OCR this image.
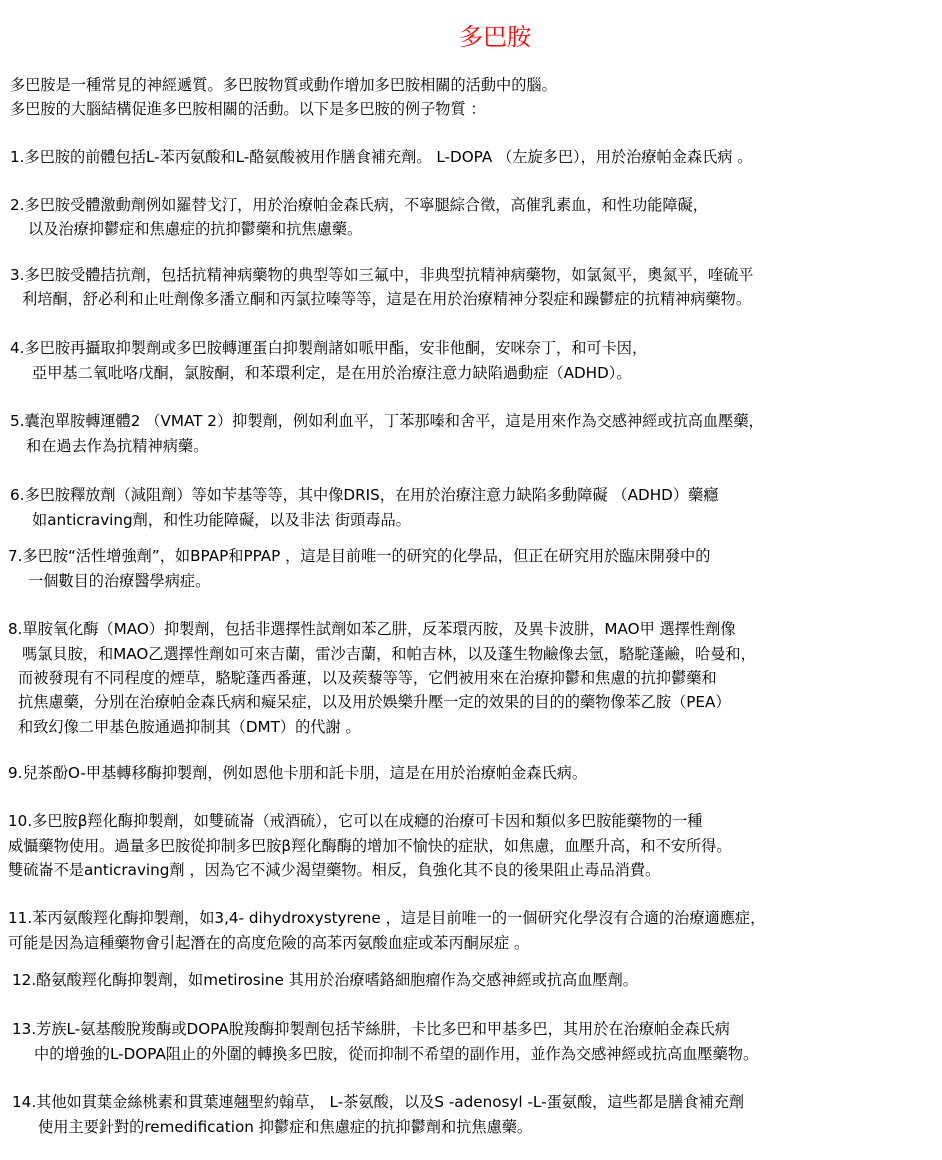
多巴胺
多巴胺是一種常見的神經遞質。多巴胺物質或動作增加多巴胺相關的活動中的腦。
多巴胺的大腦結構促進多巴胺相關的活動。以下是多巴胺的例子物質 ：
1.多巴胺的前體包括L-苯丙氨酸和L-酪氨酸被用作膳食補充劑。 L-DOPA （左旋多巴），用於治療帕金森氏病 。
2.多巴胺受體激動劑例如羅替戈汀，用於治療帕金森氏病，不寧腿綜合徵，高催乳素血，和性功能障礙，
以及治療抑鬱症和焦慮症的抗抑鬱藥和抗焦慮藥。
3.多巴胺受體拮抗劑，包括抗精神病藥物的典型等如三氟中，非典型抗精神病藥物，如氯氮平，奧氮平，喹硫平
利培酮，舒必利和止吐劑像多潘立酮和丙氯拉嗪等等，這是在用於治療精神分裂症和躁鬱症的抗精神病藥物。
4.多巴胺再攝取抑製劑或多巴胺轉運蛋白抑製劑諸如哌甲酯，安非他酮，安咪奈丁，和可卡因，
亞甲基二氧吡咯戊酮，氯胺酮，和苯環利定，是在用於治療注意力缺陷過動症（ADHD）。
5.囊泡單胺轉運體2 （VMAT 2）抑製劑，例如利血平，丁苯那嗪和舍平，這是用來作為交感神經或抗高血壓藥，
和在過去作為抗精神病藥。
6.多巴胺釋放劑（減阻劑）等如苄基等等，其中像DRIS，在用於治療注意力缺陷多動障礙 （ADHD）藥癮
如anticraving劑，和性功能障礙，以及非法 街頭毒品。
7.多巴胺“活性增強劑”，如BPAP和PPAP ，這是目前唯一的研究的化學品，但正在研究用於臨床開發中的
一個數目的治療醫學病症。
8.單胺氧化酶（MAO）抑製劑，包括非選擇性試劑如苯乙肼，反苯環丙胺，及異卡波肼，MAO甲 選擇性劑像
嗎氯貝胺，和MAO乙選擇性劑如可來吉蘭，雷沙吉蘭，和帕吉林，以及蓬生物鹼像去氫，駱駝蓬鹼，哈曼和，
而被發現有不同程度的煙草，駱駝蓬西番蓮，以及蒺藜等等，它們被用來在治療抑鬱和焦慮的抗抑鬱藥和
抗焦慮藥，分別在治療帕金森氏病和癡呆症，以及用於娛樂升壓一定的效果的目的的藥物像苯乙胺（PEA）
和致幻像二甲基色胺通過抑制其（DMT）的代謝 。
9.兒茶酚O-甲基轉移酶抑製劑，例如恩他卡朋和託卡朋，這是在用於治療帕金森氏病。
10.多巴胺β羥化酶抑製劑，如雙硫崙（戒酒硫），它可以在成癮的治療可卡因和類似多巴胺能藥物的一種
威懾藥物使用。過量多巴胺從抑制多巴胺β羥化酶酶的增加不愉快的症狀，如焦慮，血壓升高，和不安所得。
雙硫崙不是anticraving劑 ，因為它不減少渴望藥物。相反，負強化其不良的後果阻止毒品消費。
11.苯丙氨酸羥化酶抑製劑，如3,4- dihydroxystyrene ，這是目前唯一的一個研究化學沒有合適的治療適應症，
可能是因為這種藥物會引起潛在的高度危險的高苯丙氨酸血症或苯丙酮尿症 。
12.酪氨酸羥化酶抑製劑，如metirosine 其用於治療嗜鉻細胞瘤作為交感神經或抗高血壓劑。
13.芳族L-氨基酸脫羧酶或DOPA脫羧酶抑製劑包括苄絲肼，卡比多巴和甲基多巴，其用於在治療帕金森氏病
中的增強的L-DOPA阻止的外圍的轉換多巴胺，從而抑制不希望的副作用，並作為交感神經或抗高血壓藥物。
14.其他如貫葉金絲桃素和貫葉連翹聖約翰草， L-茶氨酸，以及S -adenosyl -L-蛋氨酸，這些都是膳食補充劑
使用主要針對的remedification 抑鬱症和焦慮症的抗抑鬱劑和抗焦慮藥。
